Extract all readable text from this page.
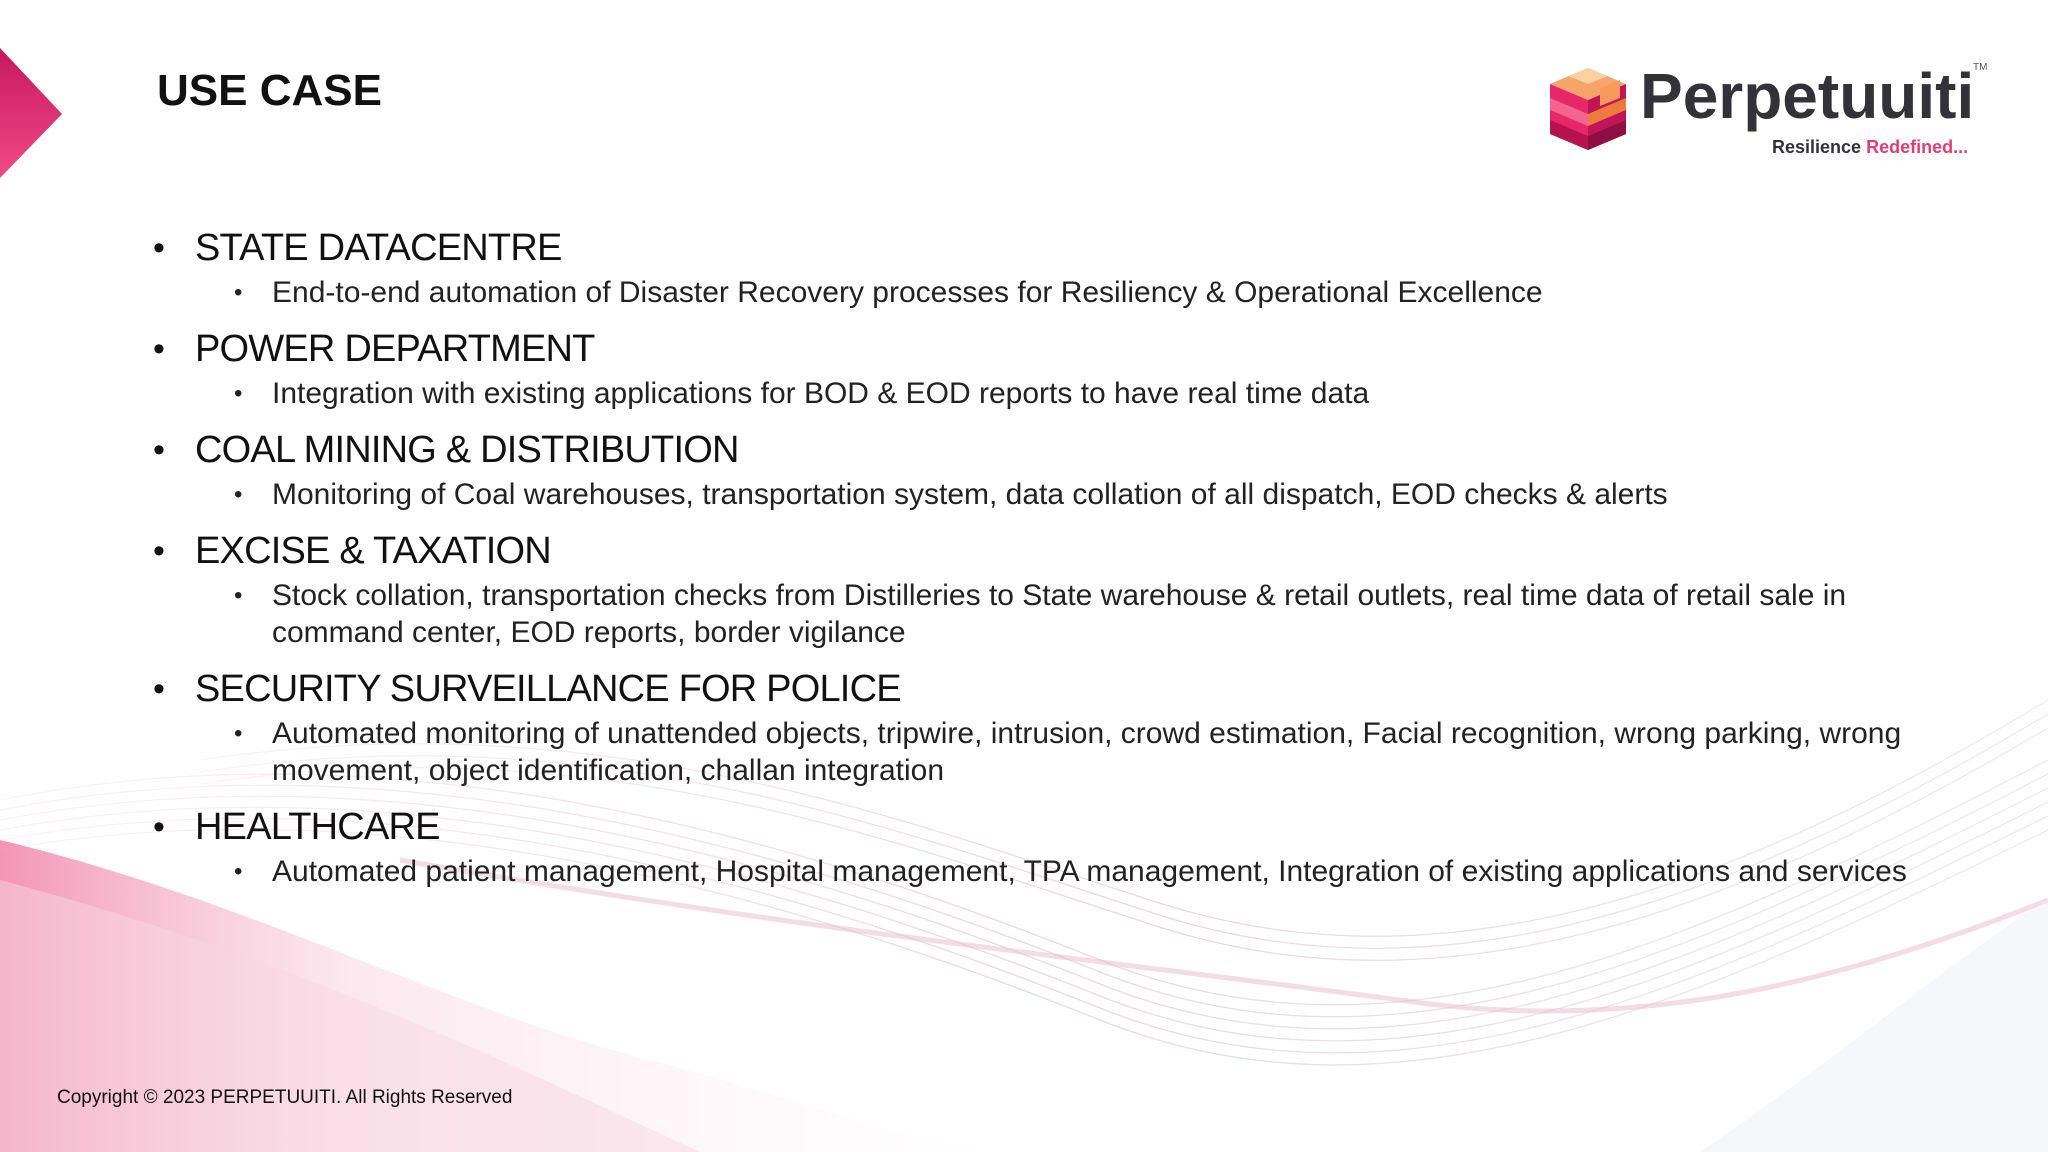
USE CASE	Perpetuuiti
TM
Resilience Redefined...
• STATE DATACENTRE
• End-to-end automation of Disaster Recovery processes for Resiliency & Operational Excellence
• POWER DEPARTMENT
• Integration with existing applications for BOD & EOD reports to have real time data
• COAL MINING & DISTRIBUTION
• Monitoring of Coal warehouses, transportation system, data collation of all dispatch, EOD checks & alerts
• EXCISE & TAXATION
• Stock collation, transportation checks from Distilleries to State warehouse & retail outlets, real time data of retail sale in command center, EOD reports, border vigilance
• SECURITY SURVEILLANCE FOR POLICE
• Automated monitoring of unattended objects, tripwire, intrusion, crowd estimation, Facial recognition, wrong parking, wrong movement, object identification, challan integration
• HEALTHCARE
• Automated patient management, Hospital management, TPA management, Integration of existing applications and services
Copyright © 2023 PERPETUUITI. All Rights Reserved
